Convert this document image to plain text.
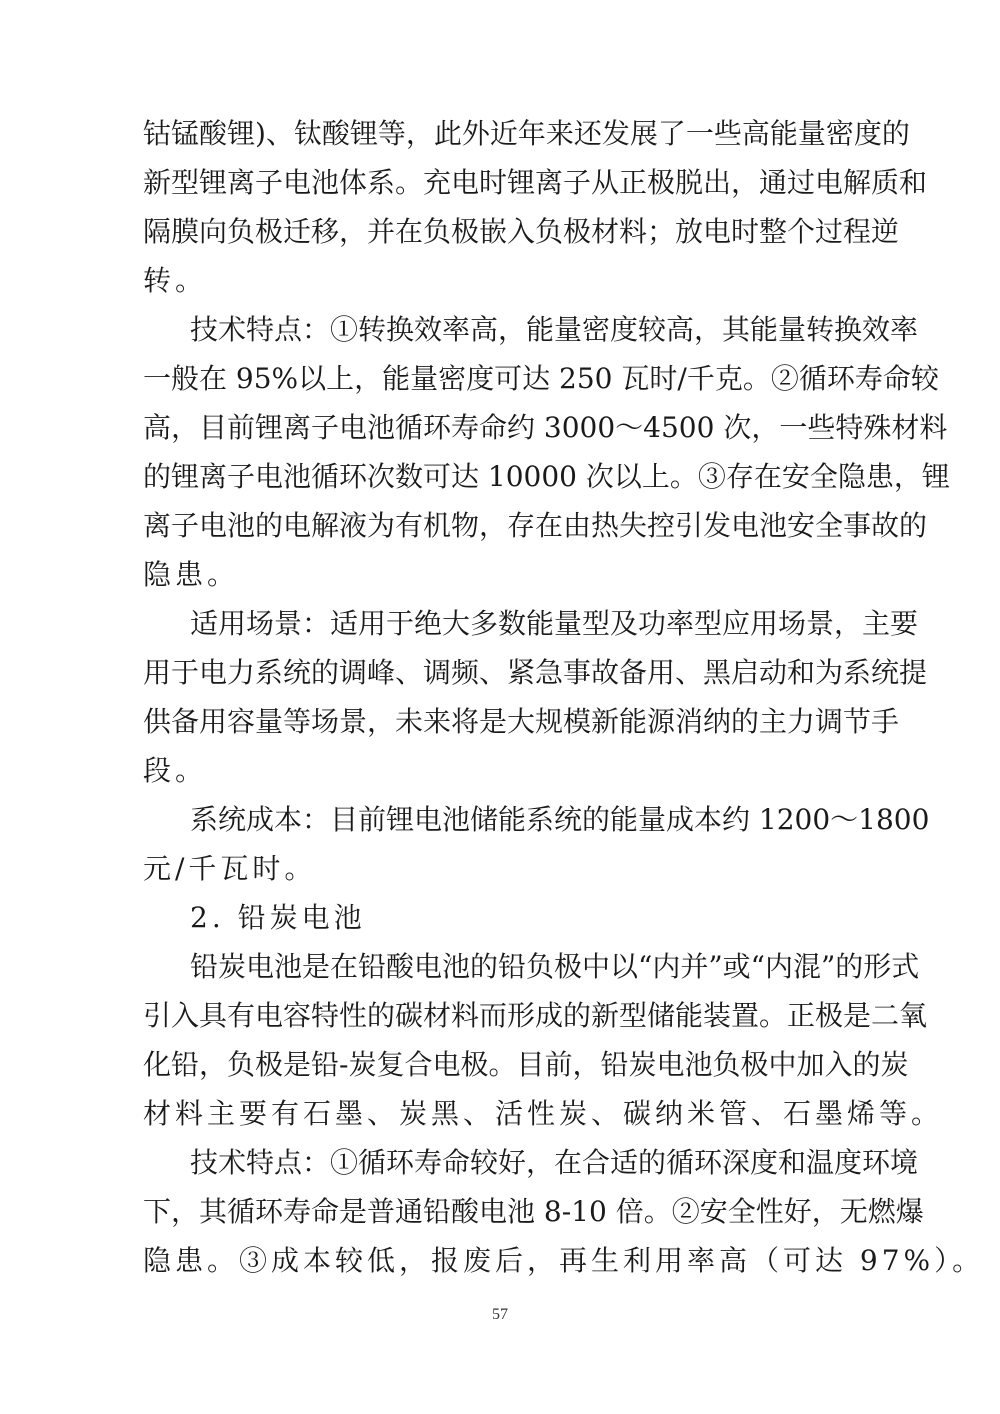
钴锰酸锂)、钛酸锂等，此外近年来还发展了一些高能量密度的
新型锂离子电池体系。充电时锂离子从正极脱出，通过电解质和
隔膜向负极迁移，并在负极嵌入负极材料；放电时整个过程逆
转。
技术特点：①转换效率高，能量密度较高，其能量转换效率
一般在 95%以上，能量密度可达 250 瓦时/千克。②循环寿命较
高，目前锂离子电池循环寿命约 3000～4500 次，一些特殊材料
的锂离子电池循环次数可达 10000 次以上。③存在安全隐患，锂
离子电池的电解液为有机物，存在由热失控引发电池安全事故的
隐患。
适用场景：适用于绝大多数能量型及功率型应用场景，主要
用于电力系统的调峰、调频、紧急事故备用、黑启动和为系统提
供备用容量等场景，未来将是大规模新能源消纳的主力调节手
段。
系统成本：目前锂电池储能系统的能量成本约 1200～1800
元/千瓦时。
2. 铅炭电池
铅炭电池是在铅酸电池的铅负极中以“内并”或“内混”的形式
引入具有电容特性的碳材料而形成的新型储能装置。正极是二氧
化铅，负极是铅-炭复合电极。目前，铅炭电池负极中加入的炭
材料主要有石墨、炭黑、活性炭、碳纳米管、石墨烯等。
技术特点：①循环寿命较好，在合适的循环深度和温度环境
下，其循环寿命是普通铅酸电池 8-10 倍。②安全性好，无燃爆
隐患。③成本较低，报废后，再生利用率高（可达 97%）。
57
